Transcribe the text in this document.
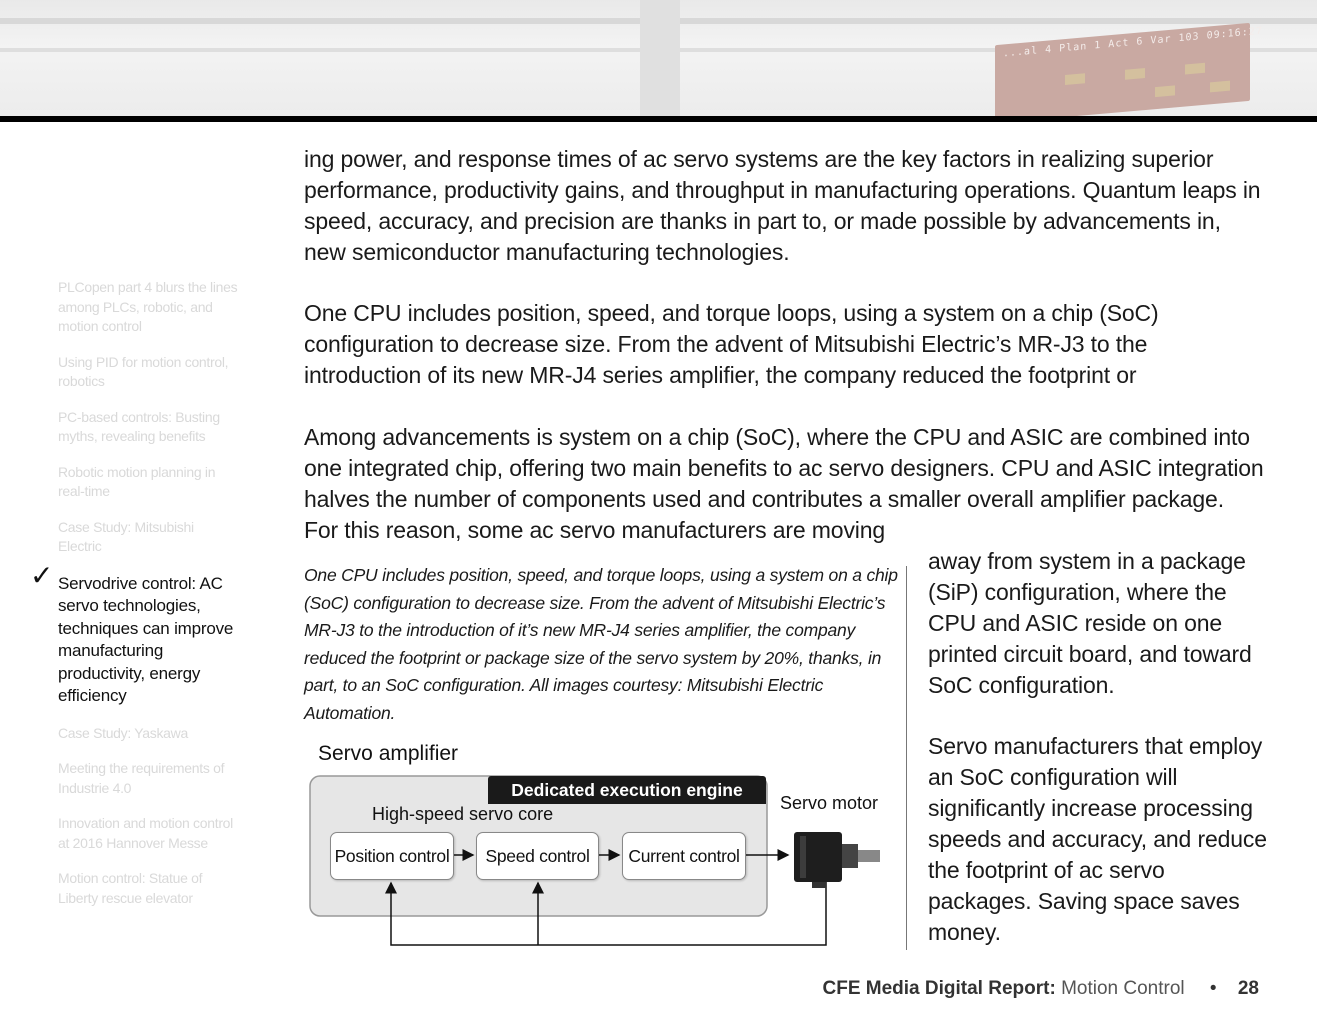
...al 4 Plan 1 Act 6 Var 103 09:16:27
PLCopen part 4 blurs the lines among PLCs, robotic, and motion control
Using PID for motion control, robotics
PC-based controls: Busting myths, revealing benefits
Robotic motion planning in real-time
Case Study: Mitsubishi Electric
✓ Servodrive control: AC servo technologies, techniques can improve manufacturing productivity, energy efficiency
Case Study: Yaskawa
Meeting the requirements of Industrie 4.0
Innovation and motion control at 2016 Hannover Messe
Motion control: Statue of Liberty rescue elevator

ing power, and response times of ac servo systems are the key factors in realizing superior performance, productivity gains, and throughput in manufacturing operations. Quantum leaps in speed, accuracy, and precision are thanks in part to, or made possible by advancements in, new semiconductor manufacturing technologies.

One CPU includes position, speed, and torque loops, using a system on a chip (SoC) configuration to decrease size. From the advent of Mitsubishi Electric’s MR-J3 to the introduction of its new MR-J4 series amplifier, the company reduced the footprint or

Among advancements is system on a chip (SoC), where the CPU and ASIC are combined into one integrated chip, offering two main benefits to ac servo designers. CPU and ASIC integration halves the number of components used and contributes a smaller overall amplifier package. For this reason, some ac servo manufacturers are moving

One CPU includes position, speed, and torque loops, using a system on a chip (SoC) configuration to decrease size. From the advent of Mitsubishi Electric’s MR-J3 to the introduction of it’s new MR-J4 series amplifier, the company reduced the footprint or package size of the servo system by 20%, thanks, in part, to an SoC configuration. All images courtesy: Mitsubishi Electric Automation.

away from system in a package (SiP) configuration, where the CPU and ASIC reside on one printed circuit board, and toward SoC configuration.

Servo manufacturers that employ an SoC configuration will significantly increase processing speeds and accuracy, and reduce the footprint of ac servo packages. Saving space saves money.

Servo amplifier
Dedicated execution engine
High-speed servo core
Servo motor
Position control	Speed control	Current control
CFE Media Digital Report: Motion Control • 28
